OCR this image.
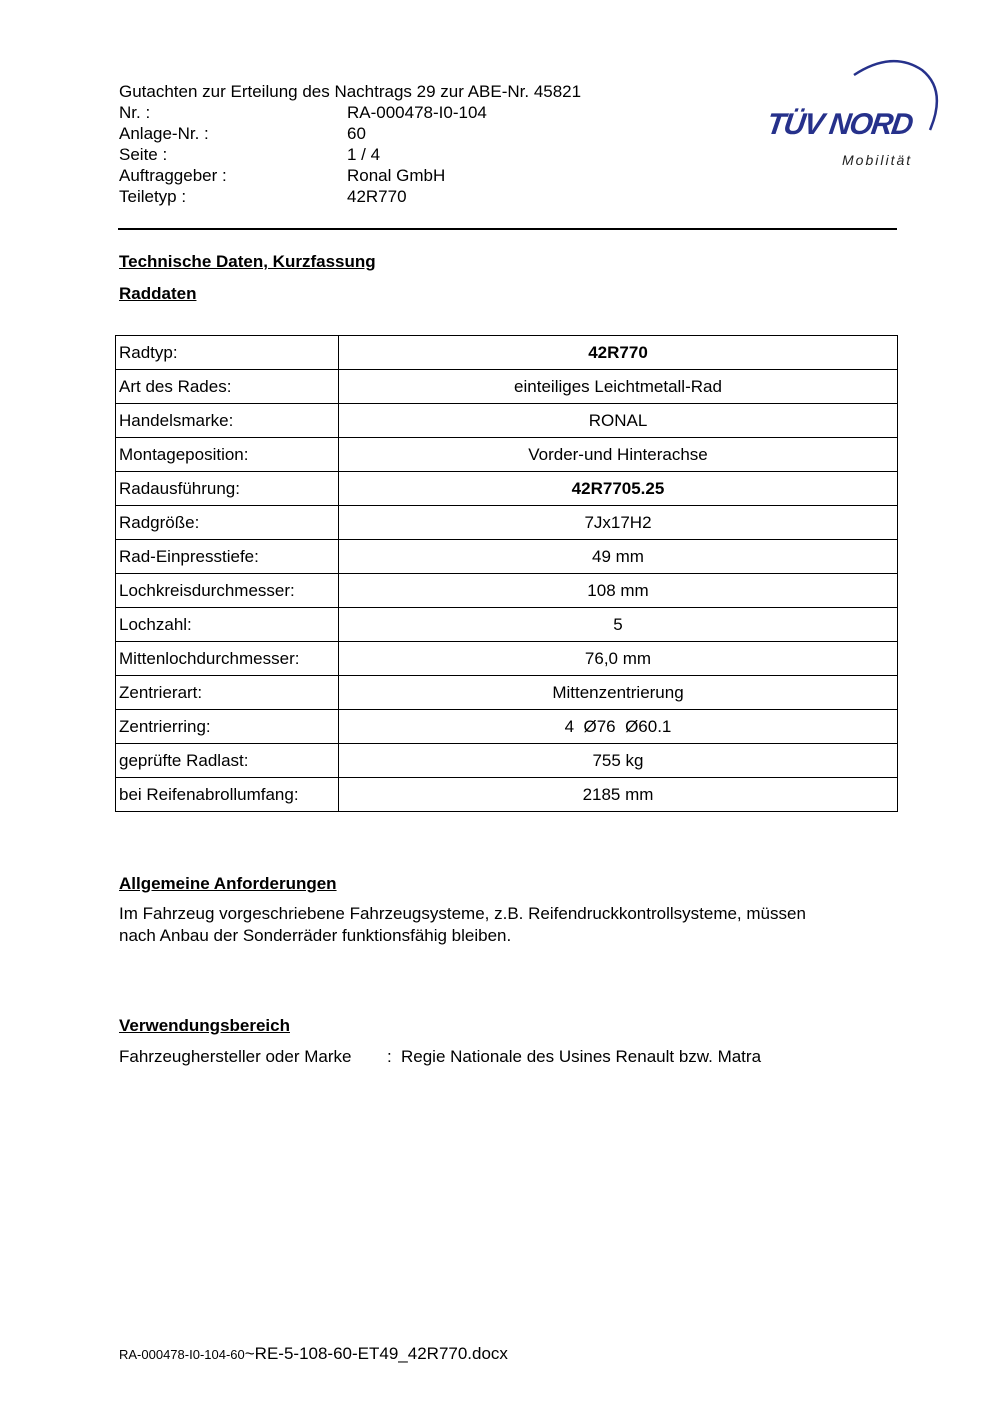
Gutachten zur Erteilung des Nachtrags 29 zur ABE-Nr. 45821
Nr. :	RA-000478-I0-104
Anlage-Nr. :	60
Seite :	1 / 4
Auftraggeber :	Ronal GmbH
Teiletyp :	42R770
TÜV NORD
Mobilität
Technische Daten, Kurzfassung
Raddaten
Radtyp:	42R770
Art des Rades:	einteiliges Leichtmetall-Rad
Handelsmarke:	RONAL
Montageposition:	Vorder-und Hinterachse
Radausführung:	42R7705.25
Radgröße:	7Jx17H2
Rad-Einpresstiefe:	49 mm
Lochkreisdurchmesser:	108 mm
Lochzahl:	5
Mittenlochdurchmesser:	76,0 mm
Zentrierart:	Mittenzentrierung
Zentrierring:	4  Ø76  Ø60.1
geprüfte Radlast:	755 kg
bei Reifenabrollumfang:	2185 mm
Allgemeine Anforderungen
Im Fahrzeug vorgeschriebene Fahrzeugsysteme, z.B. Reifendruckkontrollsysteme, müssen
nach Anbau der Sonderräder funktionsfähig bleiben.
Verwendungsbereich
Fahrzeughersteller oder Marke	: Regie Nationale des Usines Renault bzw. Matra
RA-000478-I0-104-60~RE-5-108-60-ET49_42R770.docx
